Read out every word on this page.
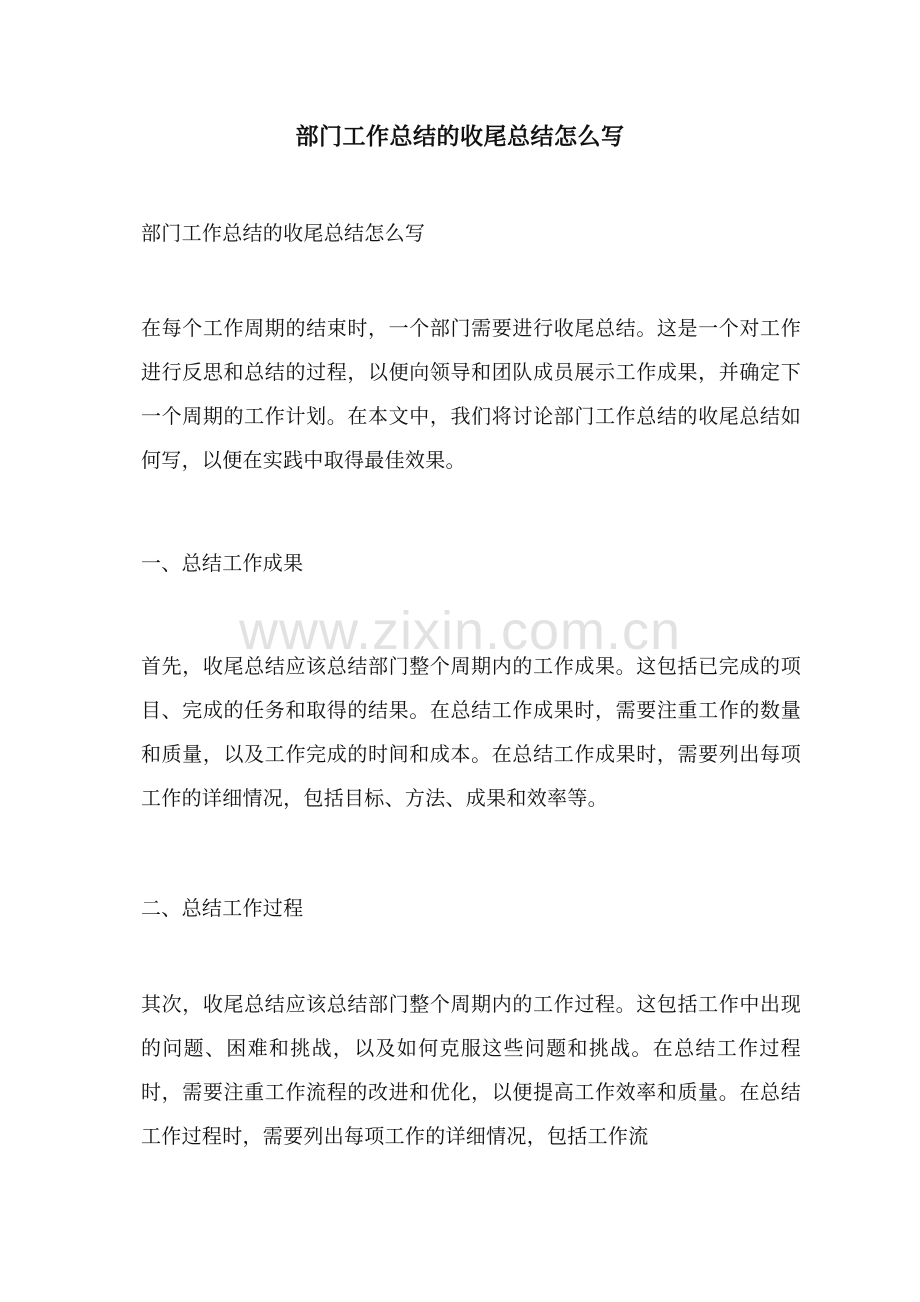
部门工作总结的收尾总结怎么写
部门工作总结的收尾总结怎么写
在每个工作周期的结束时，一个部门需要进行收尾总结。这是一个对工作进行反思和总结的过程，以便向领导和团队成员展示工作成果，并确定下一个周期的工作计划。在本文中，我们将讨论部门工作总结的收尾总结如何写，以便在实践中取得最佳效果。
一、总结工作成果
首先，收尾总结应该总结部门整个周期内的工作成果。这包括已完成的项目、完成的任务和取得的结果。在总结工作成果时，需要注重工作的数量和质量，以及工作完成的时间和成本。在总结工作成果时，需要列出每项工作的详细情况，包括目标、方法、成果和效率等。
二、总结工作过程
其次，收尾总结应该总结部门整个周期内的工作过程。这包括工作中出现的问题、困难和挑战，以及如何克服这些问题和挑战。在总结工作过程时，需要注重工作流程的改进和优化，以便提高工作效率和质量。在总结工作过程时，需要列出每项工作的详细情况，包括工作流
www.zixin.com.cn
